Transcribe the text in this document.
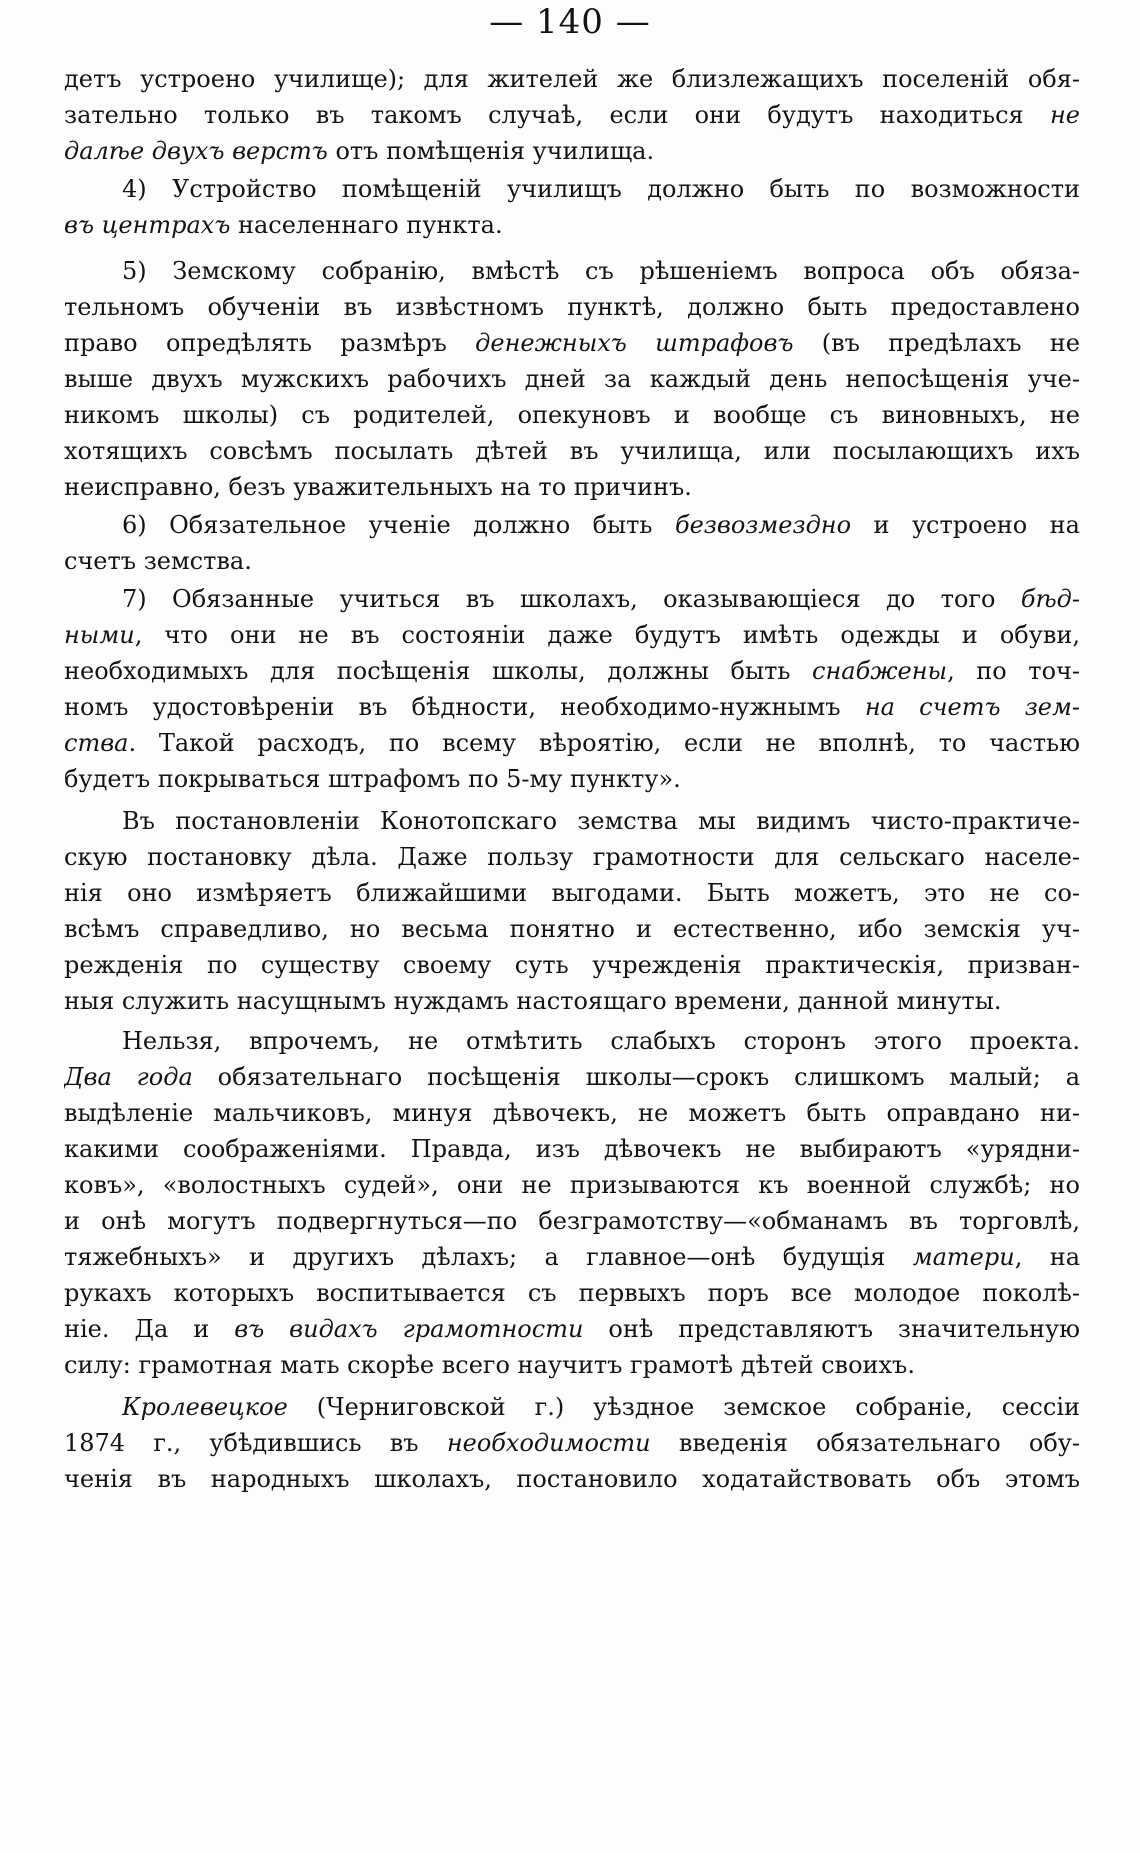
— 140 —
детъ устроено училище); для жителей же близлежащихъ поселеній обя-
зательно только въ такомъ случаѣ, если они будутъ находиться не
далѣе двухъ верстъ отъ помѣщенія училища.
4) Устройство помѣщеній училищъ должно быть по возможности
въ центрахъ населеннаго пункта.
5) Земскому собранію, вмѣстѣ съ рѣшеніемъ вопроса объ обяза-
тельномъ обученіи въ извѣстномъ пунктѣ, должно быть предоставлено
право опредѣлять размѣръ денежныхъ штрафовъ (въ предѣлахъ не
выше двухъ мужскихъ рабочихъ дней за каждый день непосѣщенія уче-
никомъ школы) съ родителей, опекуновъ и вообще съ виновныхъ, не
хотящихъ совсѣмъ посылать дѣтей въ училища, или посылающихъ ихъ
неисправно, безъ уважительныхъ на то причинъ.
6) Обязательное ученіе должно быть безвозмездно и устроено на
счетъ земства.
7) Обязанные учиться въ школахъ, оказывающіеся до того бѣд-
ными, что они не въ состояніи даже будутъ имѣть одежды и обуви,
необходимыхъ для посѣщенія школы, должны быть снабжены, по точ-
номъ удостовѣреніи въ бѣдности, необходимо-нужнымъ на счетъ зем-
ства. Такой расходъ, по всему вѣроятію, если не вполнѣ, то частью
будетъ покрываться штрафомъ по 5-му пункту».
Въ постановленіи Конотопскаго земства мы видимъ чисто-практиче-
скую постановку дѣла. Даже пользу грамотности для сельскаго населе-
нія оно измѣряетъ ближайшими выгодами. Быть можетъ, это не со-
всѣмъ справедливо, но весьма понятно и естественно, ибо земскія уч-
режденія по существу своему суть учрежденія практическія, призван-
ныя служить насущнымъ нуждамъ настоящаго времени, данной минуты.
Нельзя, впрочемъ, не отмѣтить слабыхъ сторонъ этого проекта.
Два года обязательнаго посѣщенія школы—срокъ слишкомъ малый; а
выдѣленіе мальчиковъ, минуя дѣвочекъ, не можетъ быть оправдано ни-
какими соображеніями. Правда, изъ дѣвочекъ не выбираютъ «урядни-
ковъ», «волостныхъ судей», они не призываются къ военной службѣ; но
и онѣ могутъ подвергнуться—по безграмотству—«обманамъ въ торговлѣ,
тяжебныхъ» и другихъ дѣлахъ; а главное—онѣ будущія матери, на
рукахъ которыхъ воспитывается съ первыхъ поръ все молодое поколѣ-
ніе. Да и въ видахъ грамотности онѣ представляютъ значительную
силу: грамотная мать скорѣе всего научитъ грамотѣ дѣтей своихъ.
Кролевецкое (Черниговской г.) уѣздное земское собраніе, сессіи
1874 г., убѣдившись въ необходимости введенія обязательнаго обу-
ченія въ народныхъ школахъ, постановило ходатайствовать объ этомъ
